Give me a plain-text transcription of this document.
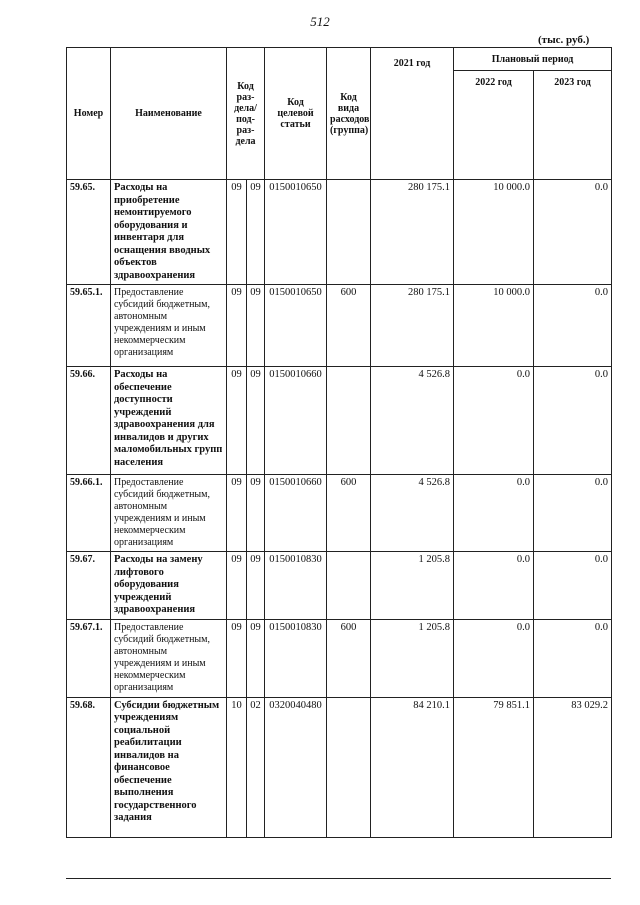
512
(тыс. руб.)
Номер	Наименование	Код раз-дела/ под-раз-дела		Код целевой статьи	Код вида расходов (группа)	2021 год	Плановый период	
							2022 год	2023 год
59.65.	Расходы на приобретение немонтируемого оборудования и инвентаря для оснащения вводных объектов здравоохранения	09	09	0150010650		280 175.1	10 000.0	0.0
59.65.1.	Предоставление субсидий бюджетным, автономным учреждениям и иным некоммерческим организациям	09	09	0150010650	600	280 175.1	10 000.0	0.0
59.66.	Расходы на обеспечение доступности учреждений здравоохранения для инвалидов и других маломобильных групп населения	09	09	0150010660		4 526.8	0.0	0.0
59.66.1.	Предоставление субсидий бюджетным, автономным учреждениям и иным некоммерческим организациям	09	09	0150010660	600	4 526.8	0.0	0.0
59.67.	Расходы на замену лифтового оборудования учреждений здравоохранения	09	09	0150010830		1 205.8	0.0	0.0
59.67.1.	Предоставление субсидий бюджетным, автономным учреждениям и иным некоммерческим организациям	09	09	0150010830	600	1 205.8	0.0	0.0
59.68.	Субсидии бюджетным учреждениям социальной реабилитации инвалидов на финансовое обеспечение выполнения государственного задания	10	02	0320040480		84 210.1	79 851.1	83 029.2
